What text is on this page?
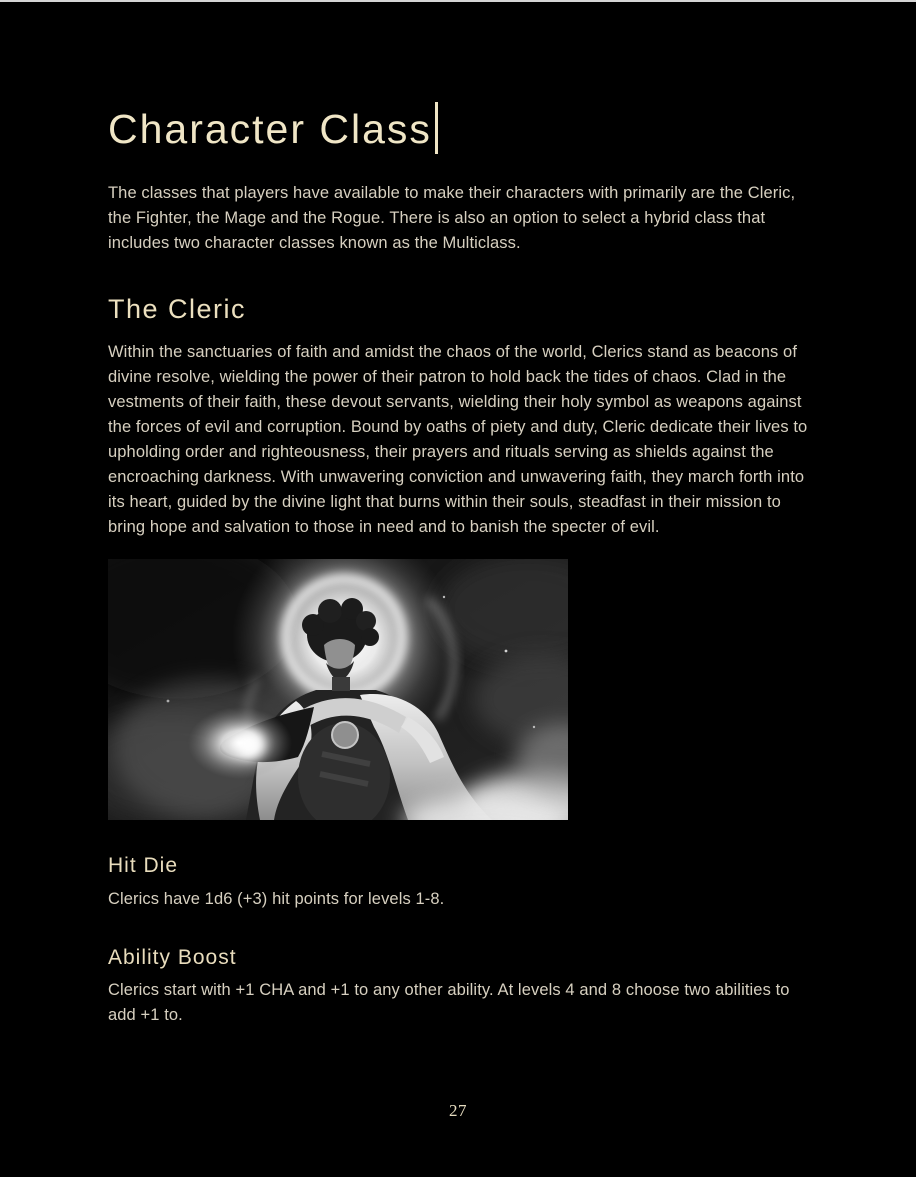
Character Class

The classes that players have available to make their characters with primarily are the Cleric, the Fighter, the Mage and the Rogue. There is also an option to select a hybrid class that includes two character classes known as the Multiclass.

The Cleric

Within the sanctuaries of faith and amidst the chaos of the world, Clerics stand as beacons of divine resolve, wielding the power of their patron to hold back the tides of chaos. Clad in the vestments of their faith, these devout servants, wielding their holy symbol as weapons against the forces of evil and corruption. Bound by oaths of piety and duty, Cleric dedicate their lives to upholding order and righteousness, their prayers and rituals serving as shields against the encroaching darkness. With unwavering conviction and unwavering faith, they march forth into its heart, guided by the divine light that burns within their souls, steadfast in their mission to bring hope and salvation to those in need and to banish the specter of evil.

Hit Die

Clerics have 1d6 (+3) hit points for levels 1-8.

Ability Boost

Clerics start with +1 CHA and +1 to any other ability. At levels 4 and 8 choose two abilities to add +1 to.

27
